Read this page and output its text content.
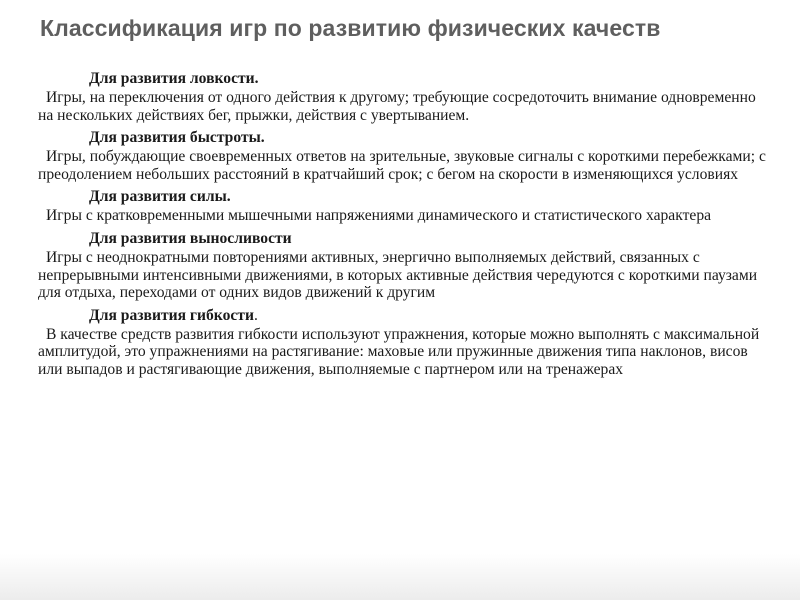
Классификация игр по развитию физических качеств

Для развития ловкости.

Игры, на переключения от одного действия к другому; требующие сосредоточить внимание одновременно на нескольких действиях бег, прыжки, действия с увертыванием.

Для развития быстроты.

Игры, побуждающие своевременных ответов на зрительные, звуковые сигналы с короткими перебежками; с преодолением небольших расстояний в кратчайший срок; с бегом на скорости в изменяющихся условиях

Для развития силы.

Игры с кратковременными мышечными напряжениями динамического и статистического характера

Для развития выносливости

Игры с неоднократными повторениями активных, энергично выполняемых действий, связанных с непрерывными интенсивными движениями, в которых активные действия чередуются с короткими паузами для отдыха, переходами от одних видов движений к другим

Для развития гибкости.

В качестве средств развития гибкости используют упражнения, которые можно выполнять с максимальной амплитудой, это упражнениями на растягивание: маховые или пружинные движения типа наклонов, висов или выпадов и растягивающие движения, выполняемые с партнером или на тренажерах
